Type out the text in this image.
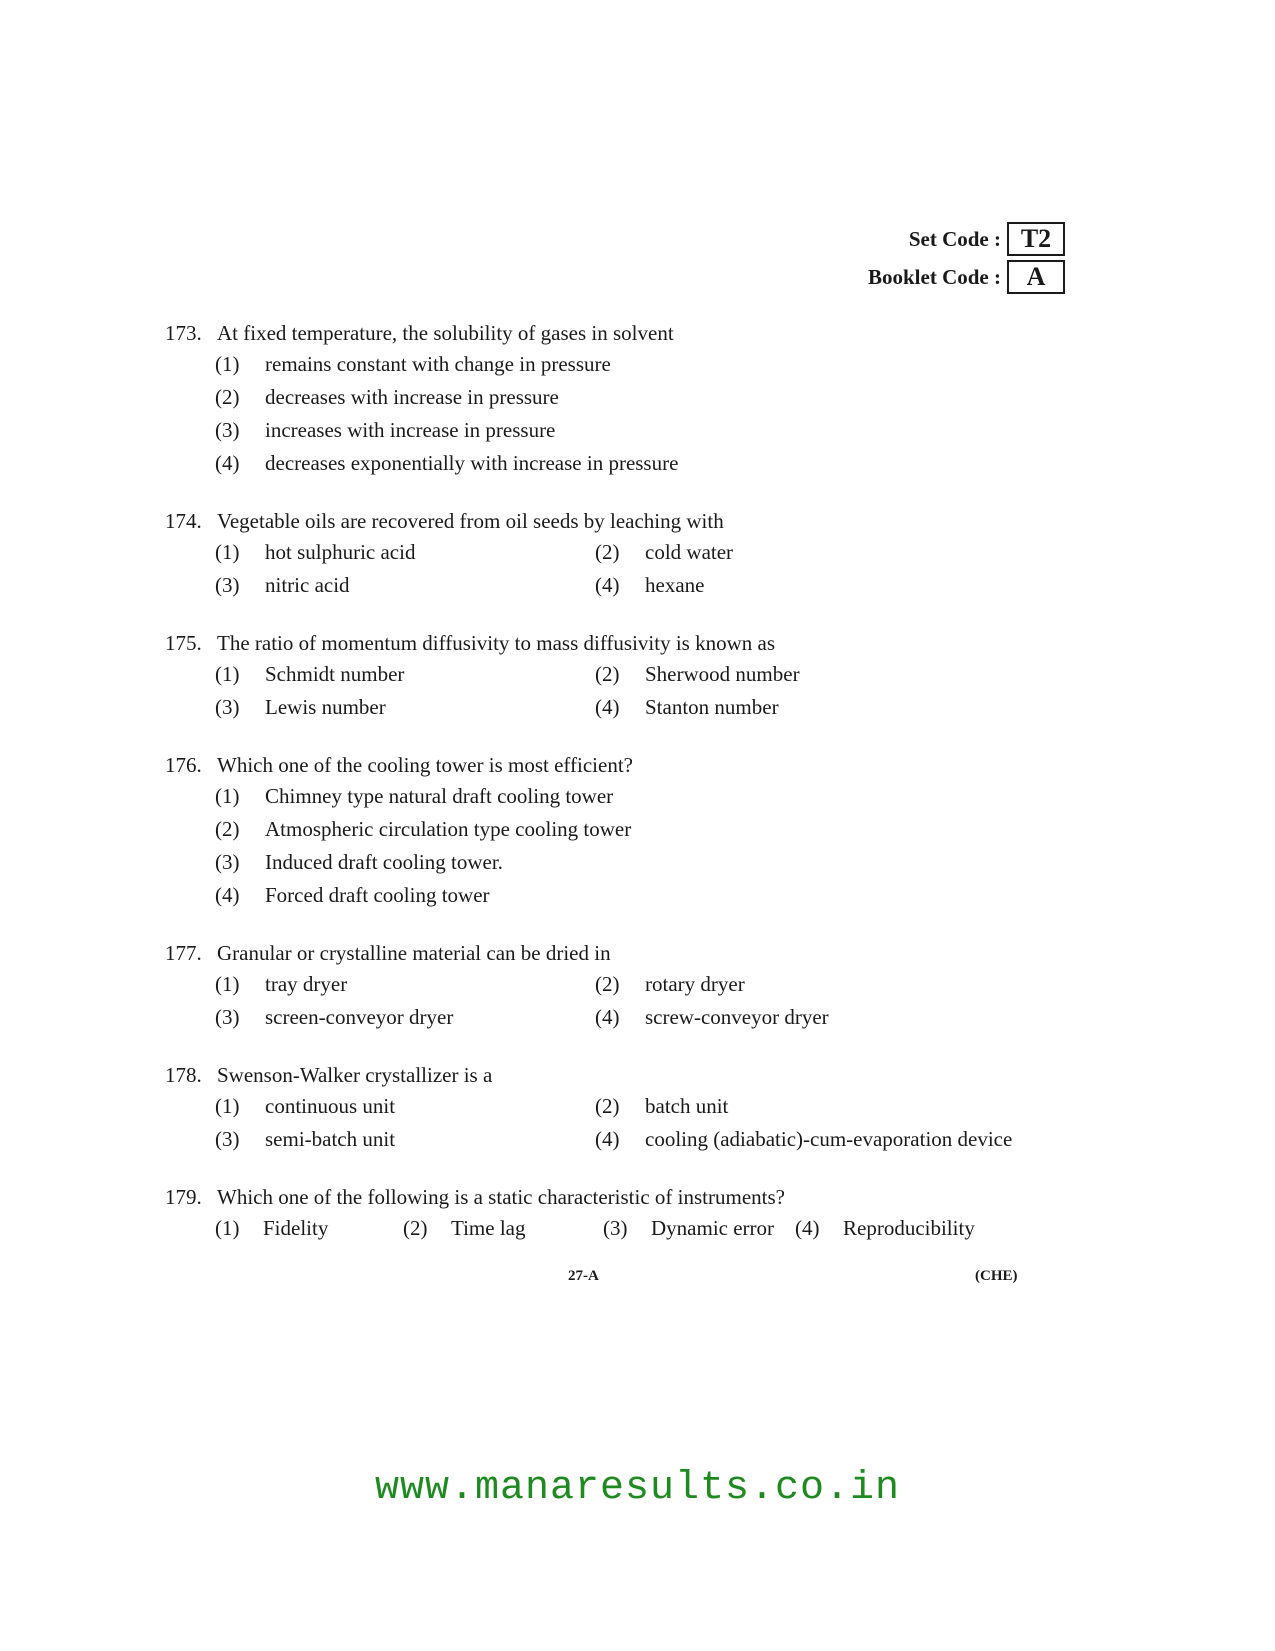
Set Code : T2
Booklet Code : A
173. At fixed temperature, the solubility of gases in solvent
(1)	remains constant with change in pressure
(2)	decreases with increase in pressure
(3)	increases with increase in pressure
(4)	decreases exponentially with increase in pressure
174. Vegetable oils are recovered from oil seeds by leaching with
(1)	hot sulphuric acid	(2)	cold water
(3)	nitric acid	(4)	hexane
175. The ratio of momentum diffusivity to mass diffusivity is known as
(1)	Schmidt number	(2)	Sherwood number
(3)	Lewis number	(4)	Stanton number
176. Which one of the cooling tower is most efficient?
(1)	Chimney type natural draft cooling tower
(2)	Atmospheric circulation type cooling tower
(3)	Induced draft cooling tower.
(4)	Forced draft cooling tower
177. Granular or crystalline material can be dried in
(1)	tray dryer	(2)	rotary dryer
(3)	screen-conveyor dryer	(4)	screw-conveyor dryer
178. Swenson-Walker crystallizer is a
(1)	continuous unit	(2)	batch unit
(3)	semi-batch unit	(4)	cooling (adiabatic)-cum-evaporation device
179. Which one of the following is a static characteristic of instruments?
(1)	Fidelity	(2)	Time lag	(3)	Dynamic error (4)	Reproducibility
27-A	(CHE)
www.manaresults.co.in
